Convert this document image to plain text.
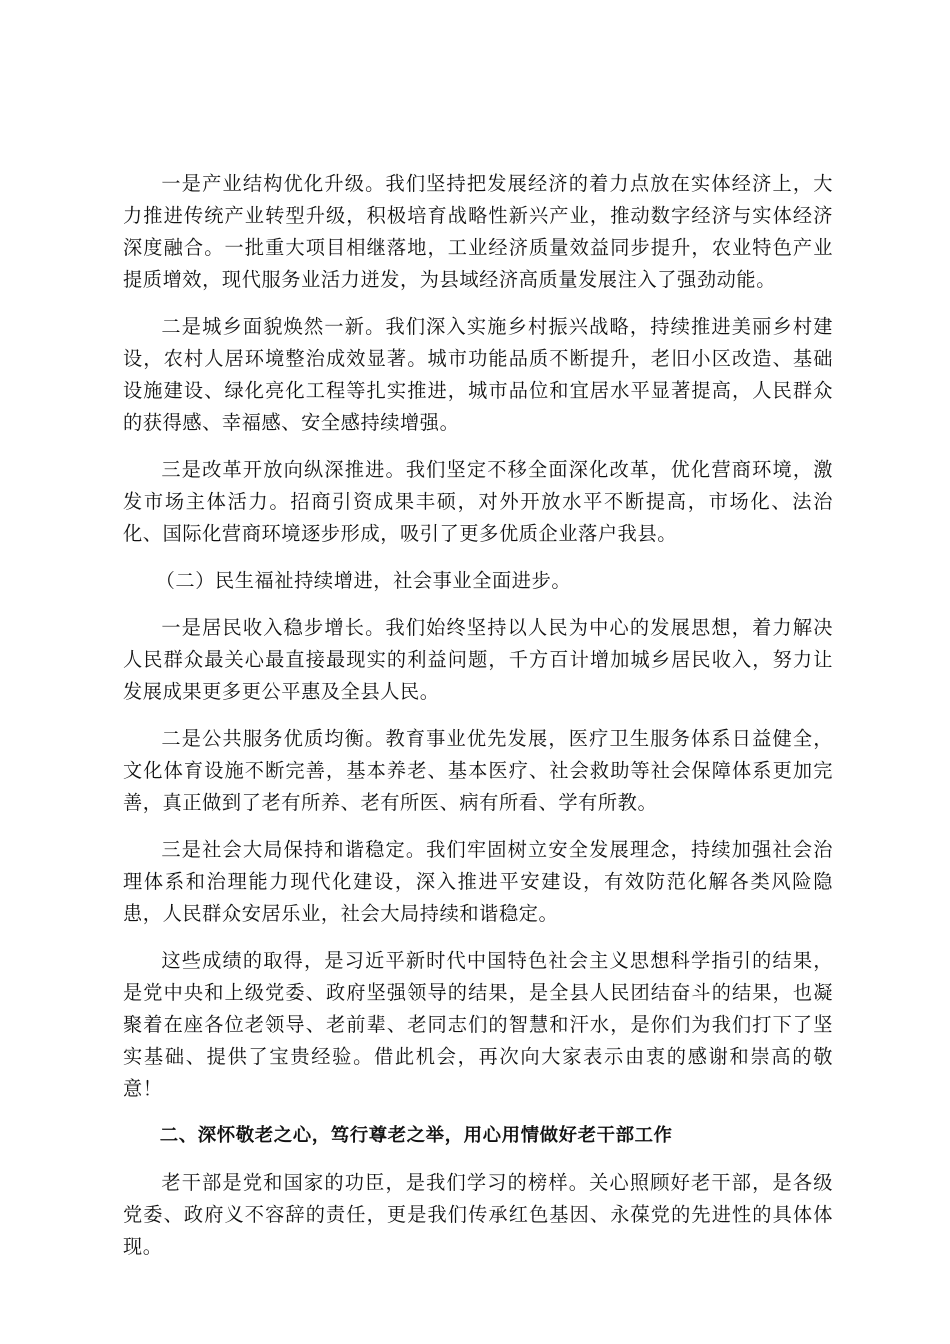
一是产业结构优化升级。我们坚持把发展经济的着力点放在实体经济上，大力推进传统产业转型升级，积极培育战略性新兴产业，推动数字经济与实体经济深度融合。一批重大项目相继落地，工业经济质量效益同步提升，农业特色产业提质增效，现代服务业活力迸发，为县域经济高质量发展注入了强劲动能。

二是城乡面貌焕然一新。我们深入实施乡村振兴战略，持续推进美丽乡村建设，农村人居环境整治成效显著。城市功能品质不断提升，老旧小区改造、基础设施建设、绿化亮化工程等扎实推进，城市品位和宜居水平显著提高，人民群众的获得感、幸福感、安全感持续增强。

三是改革开放向纵深推进。我们坚定不移全面深化改革，优化营商环境，激发市场主体活力。招商引资成果丰硕，对外开放水平不断提高，市场化、法治化、国际化营商环境逐步形成，吸引了更多优质企业落户我县。

（二）民生福祉持续增进，社会事业全面进步。

一是居民收入稳步增长。我们始终坚持以人民为中心的发展思想，着力解决人民群众最关心最直接最现实的利益问题，千方百计增加城乡居民收入，努力让发展成果更多更公平惠及全县人民。

二是公共服务优质均衡。教育事业优先发展，医疗卫生服务体系日益健全，文化体育设施不断完善，基本养老、基本医疗、社会救助等社会保障体系更加完善，真正做到了老有所养、老有所医、病有所看、学有所教。

三是社会大局保持和谐稳定。我们牢固树立安全发展理念，持续加强社会治理体系和治理能力现代化建设，深入推进平安建设，有效防范化解各类风险隐患，人民群众安居乐业，社会大局持续和谐稳定。

这些成绩的取得，是习近平新时代中国特色社会主义思想科学指引的结果，是党中央和上级党委、政府坚强领导的结果，是全县人民团结奋斗的结果，也凝聚着在座各位老领导、老前辈、老同志们的智慧和汗水，是你们为我们打下了坚实基础、提供了宝贵经验。借此机会，再次向大家表示由衷的感谢和崇高的敬意！

二、深怀敬老之心，笃行尊老之举，用心用情做好老干部工作

老干部是党和国家的功臣，是我们学习的榜样。关心照顾好老干部，是各级党委、政府义不容辞的责任，更是我们传承红色基因、永葆党的先进性的具体体现。
